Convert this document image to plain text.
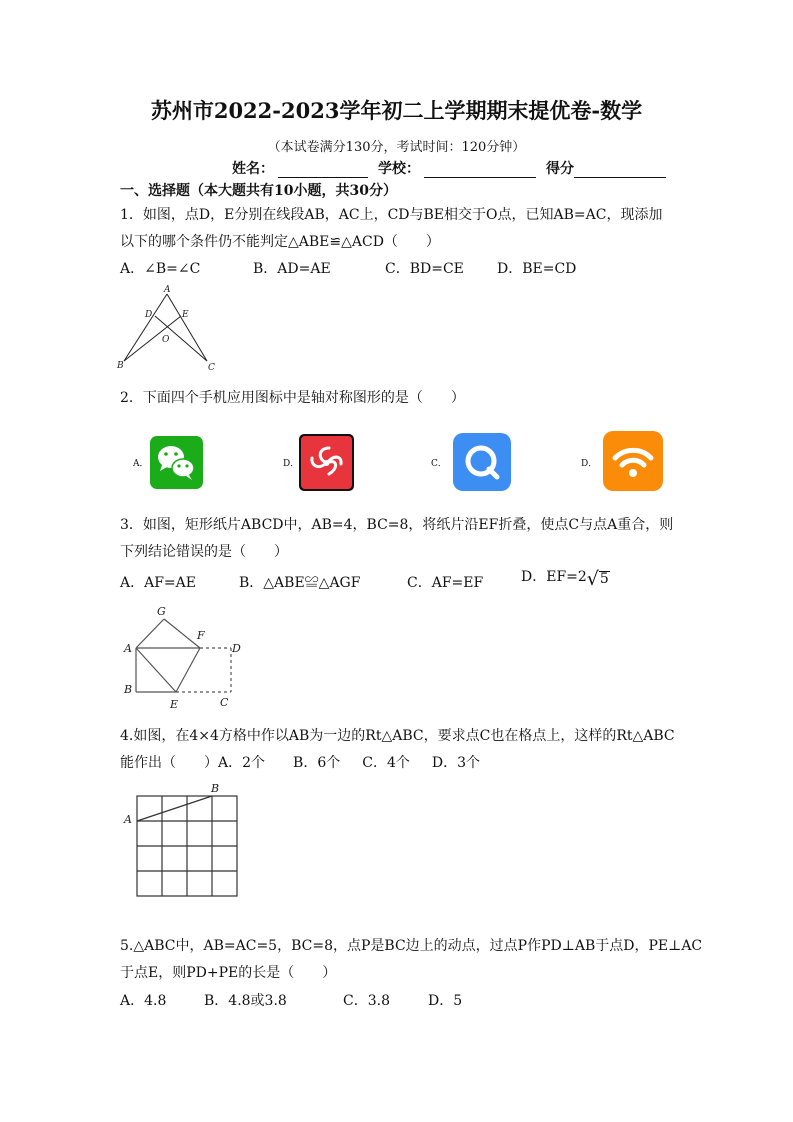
苏州市2022-2023学年初二上学期期末提优卷-数学
（本试卷满分130分，考试时间：120分钟）
姓名：	学校：	得分
一、选择题（本大题共有10小题，共30分）
1．如图，点D，E分别在线段AB，AC上，CD与BE相交于O点，已知AB=AC，现添加
以下的哪个条件仍不能判定△ABE≌△ACD（　　）
A．∠B=∠C	B．AD=AE	C．BD=CE D．BE=CD
A
D	E
O
B	C
2．下面四个手机应用图标中是轴对称图形的是（　　）
A．	D．	C．	D．
3．如图，矩形纸片ABCD中，AB=4，BC=8，将纸片沿EF折叠，使点C与点A重合，则
下列结论错误的是（　　）
A．AF=AE	B．△ABE≌△AGF	C．AF=EF	D．EF=2 √ 5
G
F
A	D
B
C
E
4.如图，在4×4方格中作以AB为一边的Rt△ABC，要求点C也在格点上，这样的Rt△ABC
能作出（　　）A．2个 B．6个 C．4个 D．3个
B
A
5.△ABC中，AB=AC=5，BC=8，点P是BC边上的动点，过点P作PD⊥AB于点D，PE⊥AC
于点E，则PD+PE的长是（　　）
A．4.8	B．4.8或3.8	C．3.8	D．5
